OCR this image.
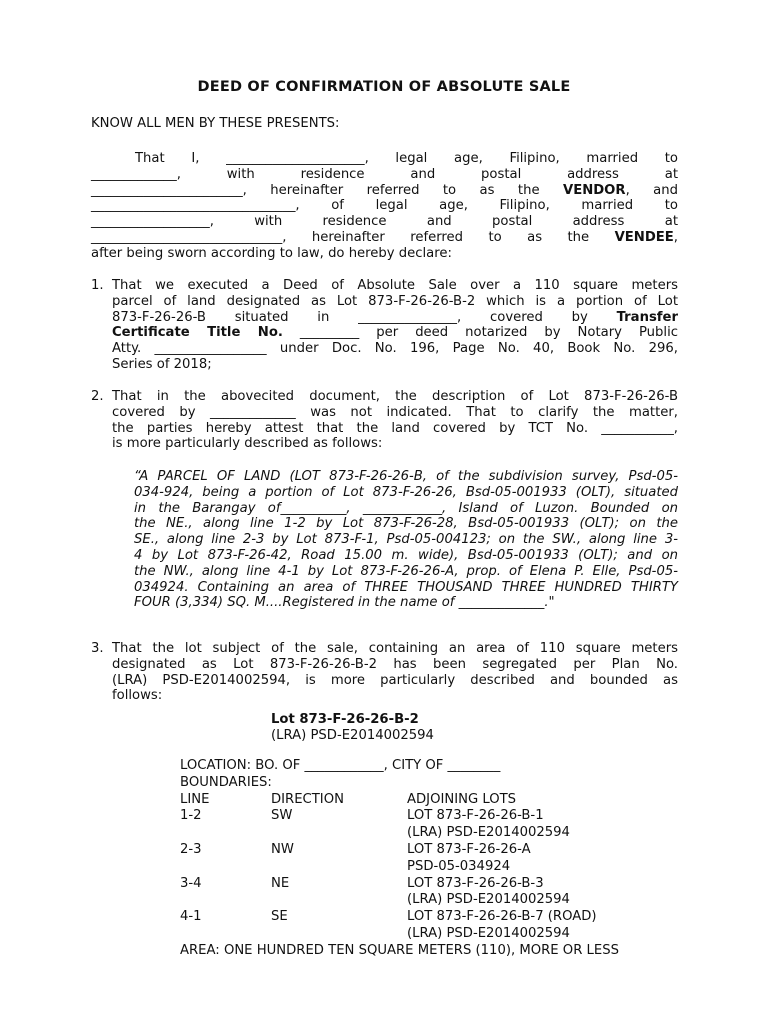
DEED OF CONFIRMATION OF ABSOLUTE SALE
KNOW ALL MEN BY THESE PRESENTS:
That I, _____________________, legal age, Filipino, married to
_____________, with residence and postal address at
_______________________, hereinafter referred to as the VENDOR, and
_______________________________, of legal age, Filipino, married to
__________________, with residence and postal address at
_____________________________, hereinafter referred to as the VENDEE,
after being sworn according to law, do hereby declare:
1. That we executed a Deed of Absolute Sale over a 110 square meters
parcel of land designated as Lot 873-F-26-26-B-2 which is a portion of Lot
873-F-26-26-B situated in _______________, covered by Transfer
Certificate Title No. _________ per deed notarized by Notary Public
Atty. _________________ under Doc. No. 196, Page No. 40, Book No. 296,
Series of 2018;
2. That in the abovecited document, the description of Lot 873-F-26-26-B
covered by _____________ was not indicated. That to clarify the matter,
the parties hereby attest that the land covered by TCT No. ___________,
is more particularly described as follows:
“A PARCEL OF LAND (LOT 873-F-26-26-B, of the subdivision survey, Psd-05-
034-924, being a portion of Lot 873-F-26-26, Bsd-05-001933 (OLT), situated
in the Barangay of__________, ____________, Island of Luzon. Bounded on
the NE., along line 1-2 by Lot 873-F-26-28, Bsd-05-001933 (OLT); on the
SE., along line 2-3 by Lot 873-F-1, Psd-05-004123; on the SW., along line 3-
4 by Lot 873-F-26-42, Road 15.00 m. wide), Bsd-05-001933 (OLT); and on
the NW., along line 4-1 by Lot 873-F-26-26-A, prop. of Elena P. Elle, Psd-05-
034924. Containing an area of THREE THOUSAND THREE HUNDRED THIRTY
FOUR (3,334) SQ. M....Registered in the name of _____________."
3. That the lot subject of the sale, containing an area of 110 square meters
designated as Lot 873-F-26-26-B-2 has been segregated per Plan No.
(LRA) PSD-E2014002594, is more particularly described and bounded as
follows:
Lot 873-F-26-26-B-2
(LRA) PSD-E2014002594
LOCATION: BO. OF ____________, CITY OF ________
BOUNDARIES:
LINE	DIRECTION	ADJOINING LOTS
1-2	SW	LOT 873-F-26-26-B-1
(LRA) PSD-E2014002594
2-3	NW	LOT 873-F-26-26-A
PSD-05-034924
3-4	NE	LOT 873-F-26-26-B-3
(LRA) PSD-E2014002594
4-1	SE	LOT 873-F-26-26-B-7 (ROAD)
(LRA) PSD-E2014002594
AREA: ONE HUNDRED TEN SQUARE METERS (110), MORE OR LESS
